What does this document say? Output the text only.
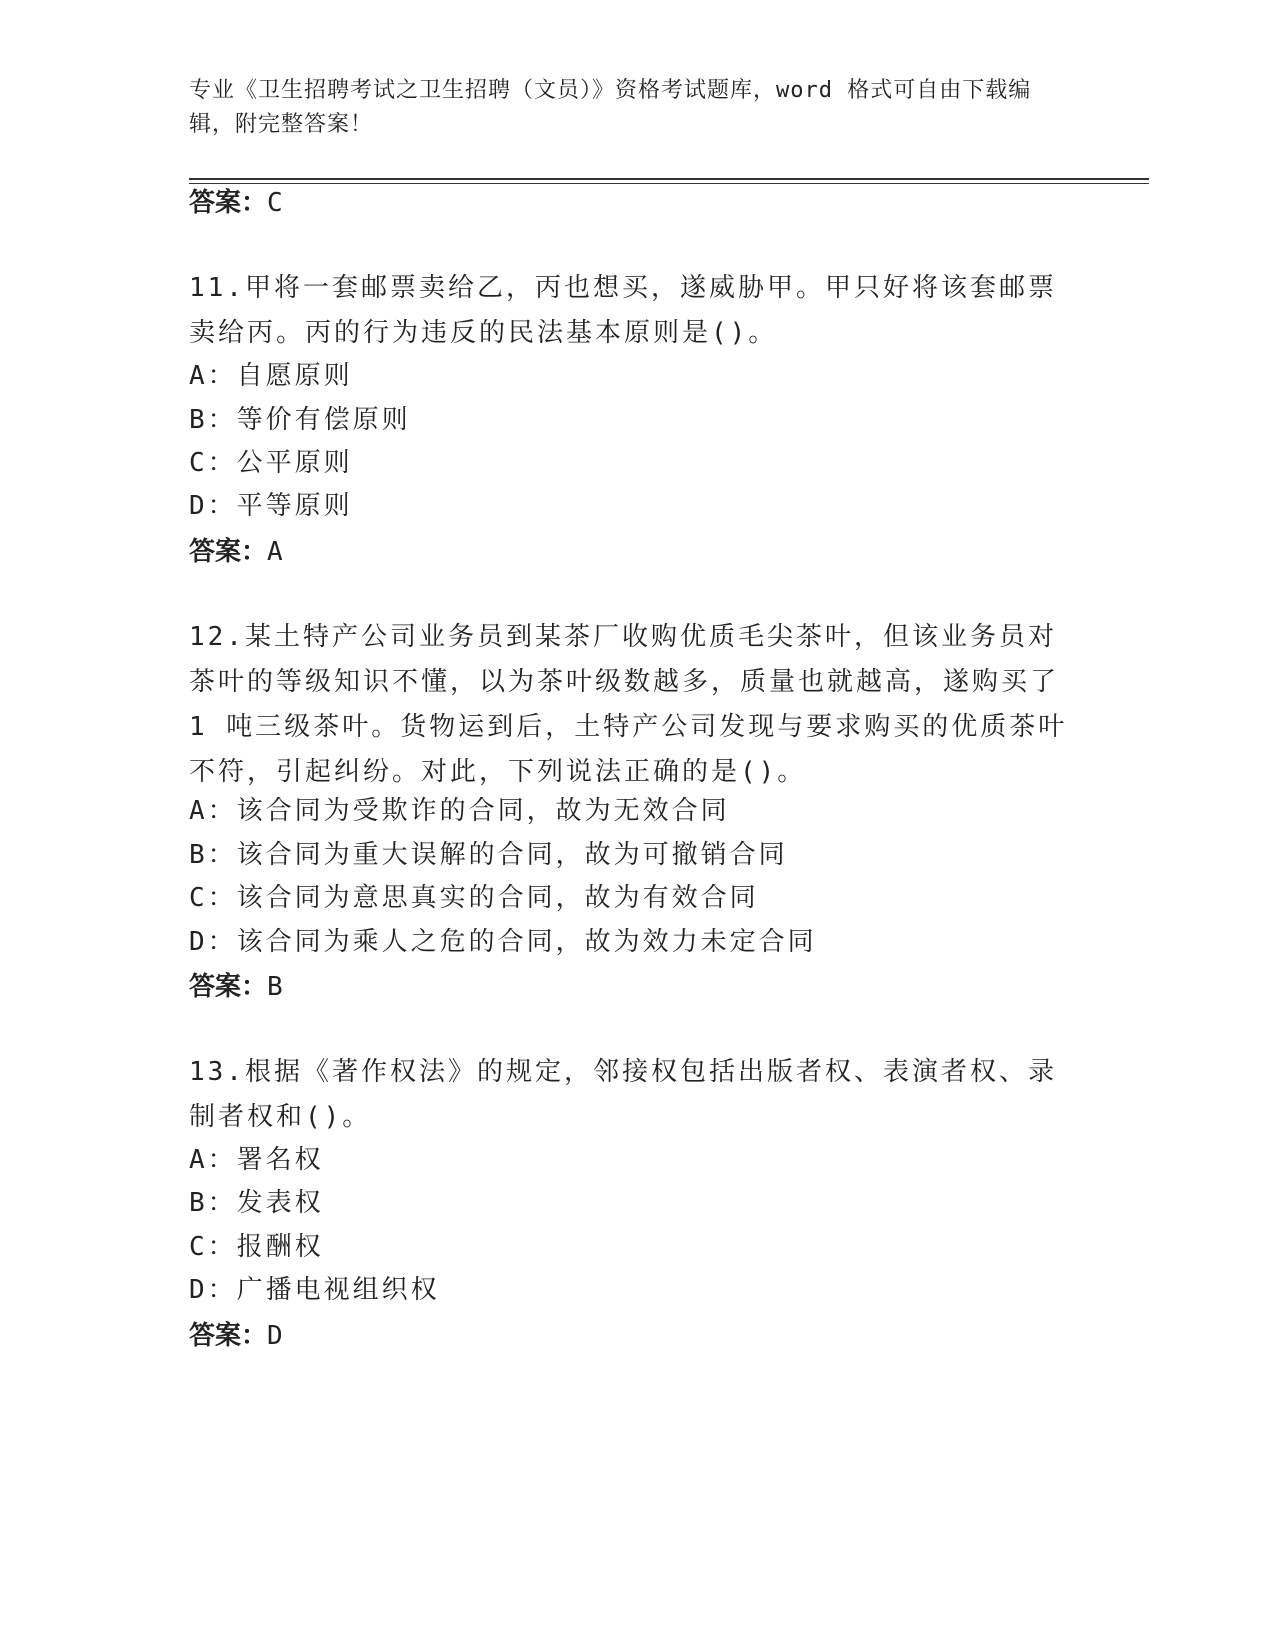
专业《卫生招聘考试之卫生招聘（文员）》资格考试题库，word 格式可自由下载编辑，附完整答案！
答案：C
11.甲将一套邮票卖给乙，丙也想买，遂威胁甲。甲只好将该套邮票卖给丙。丙的行为违反的民法基本原则是()。
A：自愿原则
B：等价有偿原则
C：公平原则
D：平等原则
答案：A
12.某土特产公司业务员到某茶厂收购优质毛尖茶叶，但该业务员对茶叶的等级知识不懂，以为茶叶级数越多，质量也就越高，遂购买了 1 吨三级茶叶。货物运到后，土特产公司发现与要求购买的优质茶叶不符，引起纠纷。对此，下列说法正确的是()。
A：该合同为受欺诈的合同，故为无效合同
B：该合同为重大误解的合同，故为可撤销合同
C：该合同为意思真实的合同，故为有效合同
D：该合同为乘人之危的合同，故为效力未定合同
答案：B
13.根据《著作权法》的规定，邻接权包括出版者权、表演者权、录制者权和()。
A：署名权
B：发表权
C：报酬权
D：广播电视组织权
答案：D
